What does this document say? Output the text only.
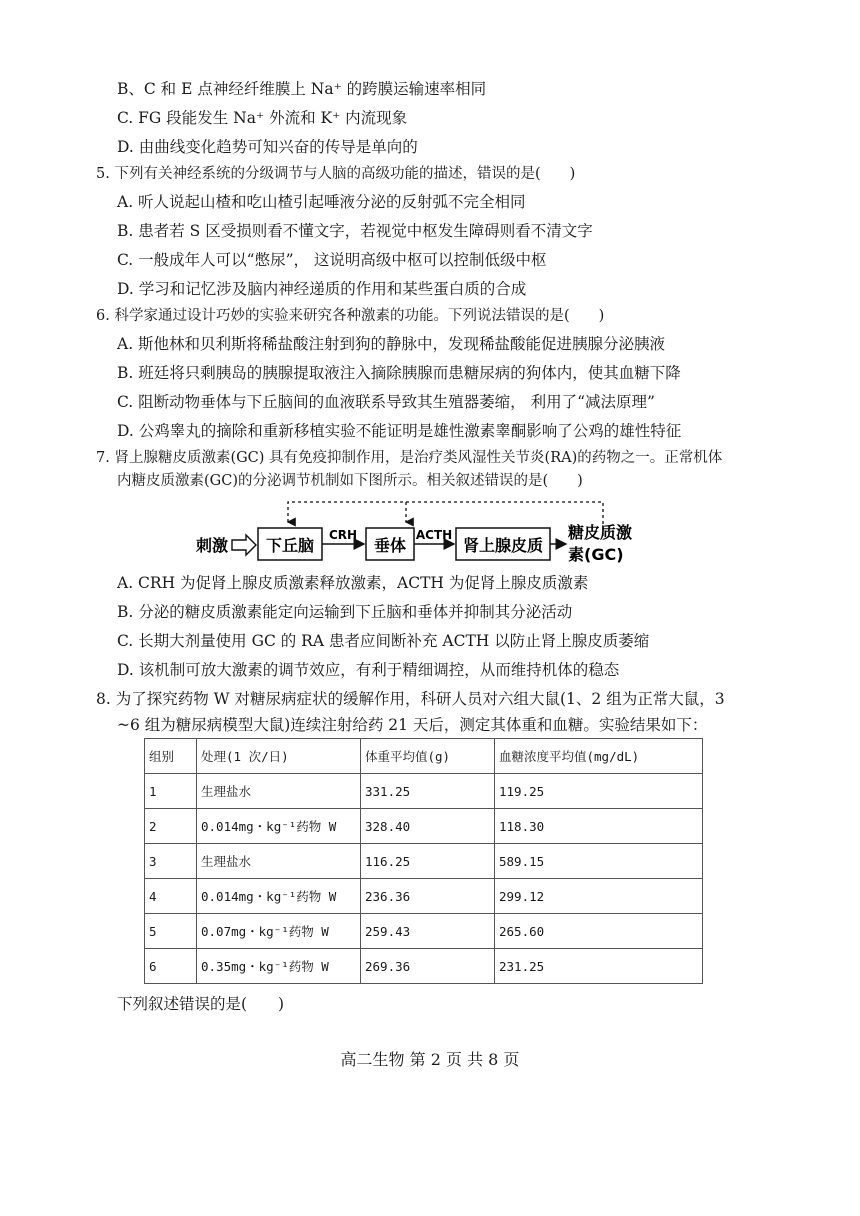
B、C 和 E 点神经纤维膜上 Na⁺ 的跨膜运输速率相同
C. FG 段能发生 Na⁺ 外流和 K⁺ 内流现象
D. 由曲线变化趋势可知兴奋的传导是单向的
5. 下列有关神经系统的分级调节与人脑的高级功能的描述，错误的是(　　)
A. 听人说起山楂和吃山楂引起唾液分泌的反射弧不完全相同
B. 患者若 S 区受损则看不懂文字，若视觉中枢发生障碍则看不清文字
C. 一般成年人可以“憋尿”， 这说明高级中枢可以控制低级中枢
D. 学习和记忆涉及脑内神经递质的作用和某些蛋白质的合成
6. 科学家通过设计巧妙的实验来研究各种激素的功能。下列说法错误的是(　　)
A. 斯他林和贝利斯将稀盐酸注射到狗的静脉中，发现稀盐酸能促进胰腺分泌胰液
B. 班廷将只剩胰岛的胰腺提取液注入摘除胰腺而患糖尿病的狗体内，使其血糖下降
C. 阻断动物垂体与下丘脑间的血液联系导致其生殖器萎缩， 利用了“减法原理”
D. 公鸡睾丸的摘除和重新移植实验不能证明是雄性激素睾酮影响了公鸡的雄性特征
7. 肾上腺糖皮质激素(GC) 具有免疫抑制作用，是治疗类风湿性关节炎(RA)的药物之一。正常机体
内糖皮质激素(GC)的分泌调节机制如下图所示。相关叙述错误的是(　　)
刺激 下丘脑
CRH
垂体
ACTH
肾上腺皮质
糖皮质激
素(GC)
A. CRH 为促肾上腺皮质激素释放激素，ACTH 为促肾上腺皮质激素
B. 分泌的糖皮质激素能定向运输到下丘脑和垂体并抑制其分泌活动
C. 长期大剂量使用 GC 的 RA 患者应间断补充 ACTH 以防止肾上腺皮质萎缩
D. 该机制可放大激素的调节效应，有利于精细调控，从而维持机体的稳态
8. 为了探究药物 W 对糖尿病症状的缓解作用，科研人员对六组大鼠(1、2 组为正常大鼠，3
~6 组为糖尿病模型大鼠)连续注射给药 21 天后，测定其体重和血糖。实验结果如下：
组别	处理(1 次/日)	体重平均值(g)	血糖浓度平均值(mg/dL)
1	生理盐水	331.25	119.25
2	0.014mg・kg⁻¹药物 W	328.40	118.30
3	生理盐水	116.25	589.15
4	0.014mg・kg⁻¹药物 W	236.36	299.12
5	0.07mg・kg⁻¹药物 W	259.43	265.60
6	0.35mg・kg⁻¹药物 W	269.36	231.25
下列叙述错误的是(　　)
高二生物 第 2 页 共 8 页
